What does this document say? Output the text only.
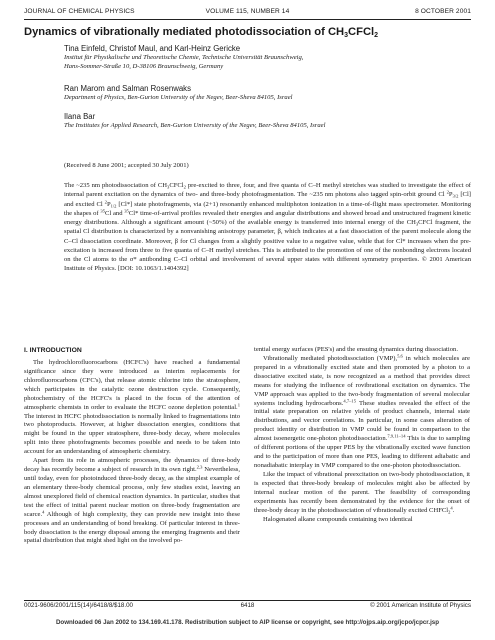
JOURNAL OF CHEMICAL PHYSICS	VOLUME 115, NUMBER 14	8 OCTOBER 2001
Dynamics of vibrationally mediated photodissociation of $CH_3CFCl_2$
Tina Einfeld, Christof Maul, and Karl-Heinz Gericke
Institut für Physikalische und Theoretische Chemie, Technische Universität Braunschweig,
Hans-Sommer-Straße 10, D-38106 Braunschweig, Germany
Ran Marom and Salman Rosenwaks
Department of Physics, Ben-Gurion University of the Negev, Beer-Sheva 84105, Israel
Ilana Bar
The Institutes for Applied Research, Ben-Gurion University of the Negev, Beer-Sheva 84105, Israel
(Received 8 June 2001; accepted 30 July 2001)
The ~235 nm photodissociation of $CH_3CFCl_2$ pre-excited to three, four, and five quanta of C–H methyl stretches was studied to investigate the effect of internal parent excitation on the dynamics of two- and three-body photofragmentation. The ~235 nm photons also tagged spin-orbit ground Cl $^2P_{3/2}$ [Cl] and excited Cl $^2P_{1/2}$ [Cl*] state photofragments, via (2+1) resonantly enhanced multiphoton ionization in a time-of-flight mass spectrometer. Monitoring the shapes of $^{35}$Cl and $^{35}$Cl* time-of-arrival profiles revealed their energies and angular distributions and showed broad and unstructured fragment kinetic energy distributions. Although a significant amount (~50%) of the available energy is transferred into internal energy of the $CH_3CFCl$ fragment, the spatial Cl distribution is characterized by a nonvanishing anisotropy parameter, β, which indicates at a fast dissociation of the parent molecule along the C–Cl dissociation coordinate. Moreover, β for Cl changes from a slightly positive value to a negative value, while that for Cl* increases when the pre-excitation is increased from three to five quanta of C–H methyl stretches. This is attributed to the promotion of one of the nonbonding electrons located on the Cl atoms to the σ* antibonding C–Cl orbital and involvement of several upper states with different symmetry properties. © 2001 American Institute of Physics. [DOI: 10.1063/1.1404392]
I. INTRODUCTION

The hydrochlorofluorocarbons (HCFC's) have reached a fundamental significance since they were introduced as interim replacements for chlorofluorocarbons (CFC's), that release atomic chlorine into the stratosphere, which participates in the catalytic ozone destruction cycle. Consequently, photochemistry of the HCFC's is placed in the focus of the attention of atmospheric chemists in order to evaluate the HCFC ozone depletion potential.$^1$ The interest in HCFC photodissociation is normally linked to fragmentations into two photoproducts. However, at higher dissociation energies, conditions that might be found in the upper stratosphere, three-body decay, where molecules split into three photofragments becomes possible and needs to be taken into account for an understanding of atmospheric chemistry.

Apart from its role in atmospheric processes, the dynamics of three-body decay has recently become a subject of research in its own right.$^{2,3}$ Nevertheless, until today, even for photoinduced three-body decay, as the simplest example of an elementary three-body chemical process, only few studies exist, leaving an almost unexplored field of chemical reaction dynamics. In particular, studies that test the effect of initial parent nuclear motion on three-body fragmentation are scarce.$^4$ Although of high complexity, they can provide new insight into these processes and an understanding of bond breaking. Of particular interest in three-body dissociation is the energy disposal among the emerging fragments and their spatial distribution that might shed light on the involved po-

tential energy surfaces (PES's) and the ensuing dynamics during dissociation.

Vibrationally mediated photodissociation (VMP),$^{5,6}$ in which molecules are prepared in a vibrationally excited state and then promoted by a photon to a dissociative excited state, is now recognized as a method that provides direct means for studying the influence of rovibrational excitation on dynamics. The VMP approach was applied to the two-body fragmentation of several molecular systems including hydrocarbons.$^{4,7-15}$ These studies revealed the effect of the initial state preparation on relative yields of product channels, internal state distributions, and vector correlations. In particular, in some cases alteration of product identity or distribution in VMP could be found in comparison to the almost isoenergetic one-photon photodissociation.$^{7,9,11-14}$ This is due to sampling of different portions of the upper PES by the vibrationally excited wave function and to the participation of more than one PES, leading to different adiabatic and nonadiabatic interplay in VMP compared to the one-photon photodissociation.

Like the impact of vibrational preexcitation on two-body photodissociation, it is expected that three-body breakup of molecules might also be affected by internal nuclear motion of the parent. The feasibility of corresponding experiments has recently been demonstrated by the evidence for the onset of three-body decay in the photodissociation of vibrationally excited CHFCl$_2^4$.

Halogenated alkane compounds containing two identical

0021-9606/2001/115(14)/6418/8/$18.00	6418	© 2001 American Institute of Physics
Downloaded 06 Jan 2002 to 134.169.41.178. Redistribution subject to AIP license or copyright, see http://ojps.aip.org/jcpo/jcpcr.jsp
